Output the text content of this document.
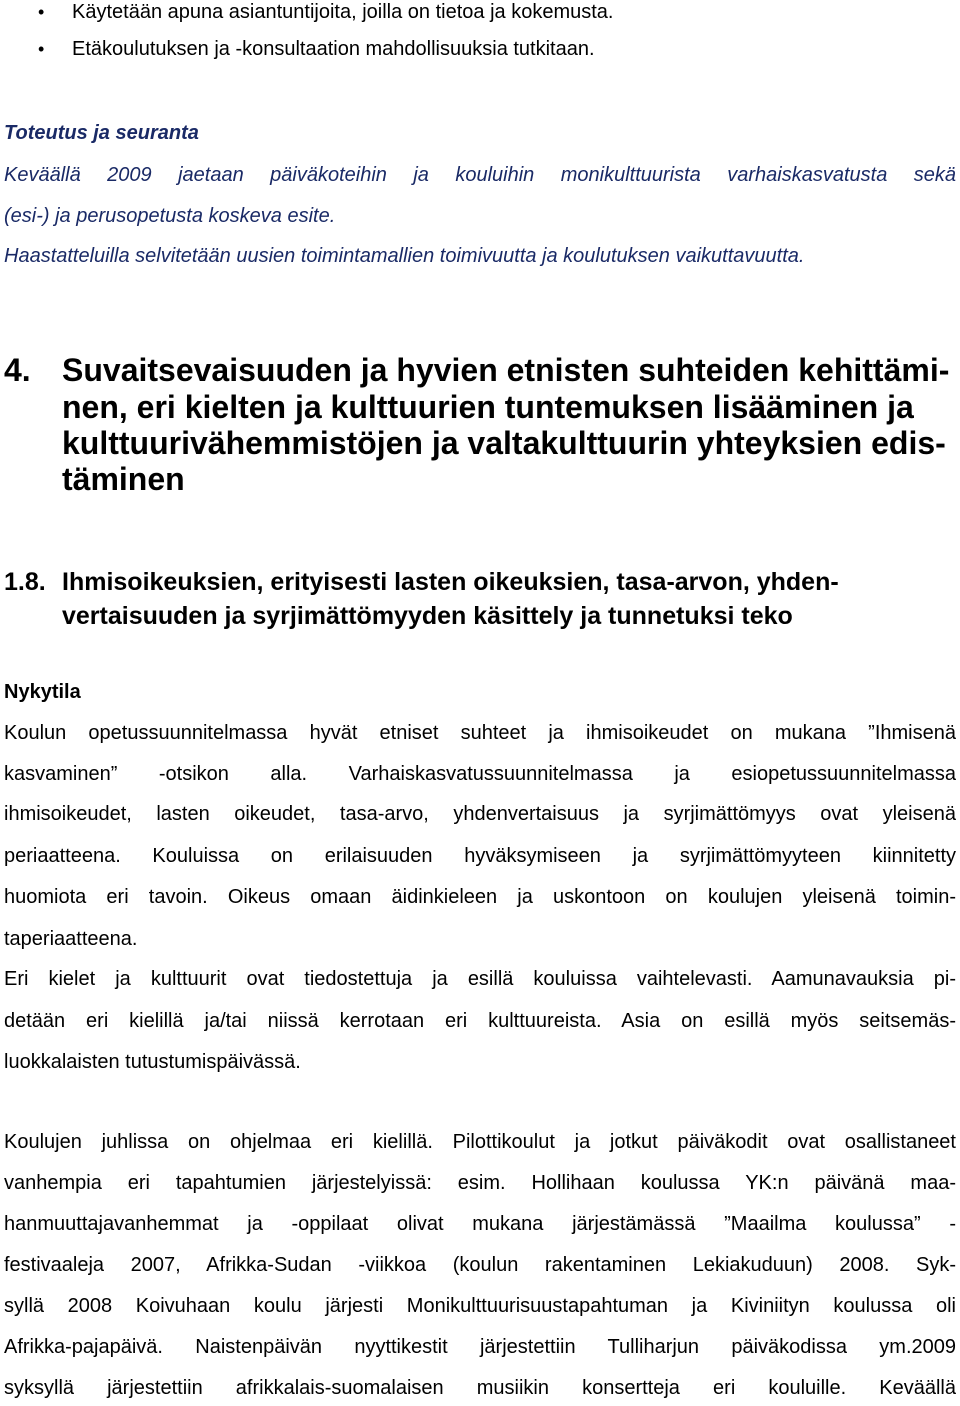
• Käytetään apuna asiantuntijoita, joilla on tietoa ja kokemusta.
• Etäkoulutuksen ja -konsultaation mahdollisuuksia tutkitaan.
Toteutus ja seuranta
Keväällä 2009 jaetaan päiväkoteihin ja kouluihin monikulttuurista varhaiskasvatusta sekä
(esi-) ja perusopetusta koskeva esite.
Haastatteluilla selvitetään uusien toimintamallien toimivuutta ja koulutuksen vaikuttavuutta.
4. Suvaitsevaisuuden ja hyvien etnisten suhteiden kehittämi-
nen, eri kielten ja kulttuurien tuntemuksen lisääminen ja
kulttuurivähemmistöjen ja valtakulttuurin yhteyksien edis-
täminen
1.8. Ihmisoikeuksien, erityisesti lasten oikeuksien, tasa-arvon, yhden-
vertaisuuden ja syrjimättömyyden käsittely ja tunnetuksi teko
Nykytila
Koulun opetussuunnitelmassa hyvät etniset suhteet ja ihmisoikeudet on mukana ”Ihmisenä
kasvaminen” -otsikon alla. Varhaiskasvatussuunnitelmassa ja esiopetussuunnitelmassa
ihmisoikeudet, lasten oikeudet, tasa-arvo, yhdenvertaisuus ja syrjimättömyys ovat yleisenä
periaatteena. Kouluissa on erilaisuuden hyväksymiseen ja syrjimättömyyteen kiinnitetty
huomiota eri tavoin. Oikeus omaan äidinkieleen ja uskontoon on koulujen yleisenä toimin-
taperiaatteena.
Eri kielet ja kulttuurit ovat tiedostettuja ja esillä kouluissa vaihtelevasti. Aamunavauksia pi-
detään eri kielillä ja/tai niissä kerrotaan eri kulttuureista. Asia on esillä myös seitsemäs-
luokkalaisten tutustumispäivässä.
Koulujen juhlissa on ohjelmaa eri kielillä. Pilottikoulut ja jotkut päiväkodit ovat osallistaneet
vanhempia eri tapahtumien järjestelyissä: esim. Hollihaan koulussa YK:n päivänä maa-
hanmuuttajavanhemmat ja -oppilaat olivat mukana järjestämässä ”Maailma koulussa” -
festivaaleja 2007, Afrikka-Sudan -viikkoa (koulun rakentaminen Lekiakuduun) 2008. Syk-
syllä 2008 Koivuhaan koulu järjesti Monikulttuurisuustapahtuman ja Kiviniityn koulussa oli
Afrikka-pajapäivä. Naistenpäivän nyyttikestit järjestettiin Tulliharjun päiväkodissa ym.2009
syksyllä järjestettiin afrikkalais-suomalaisen musiikin konsertteja eri kouluille. Keväällä
